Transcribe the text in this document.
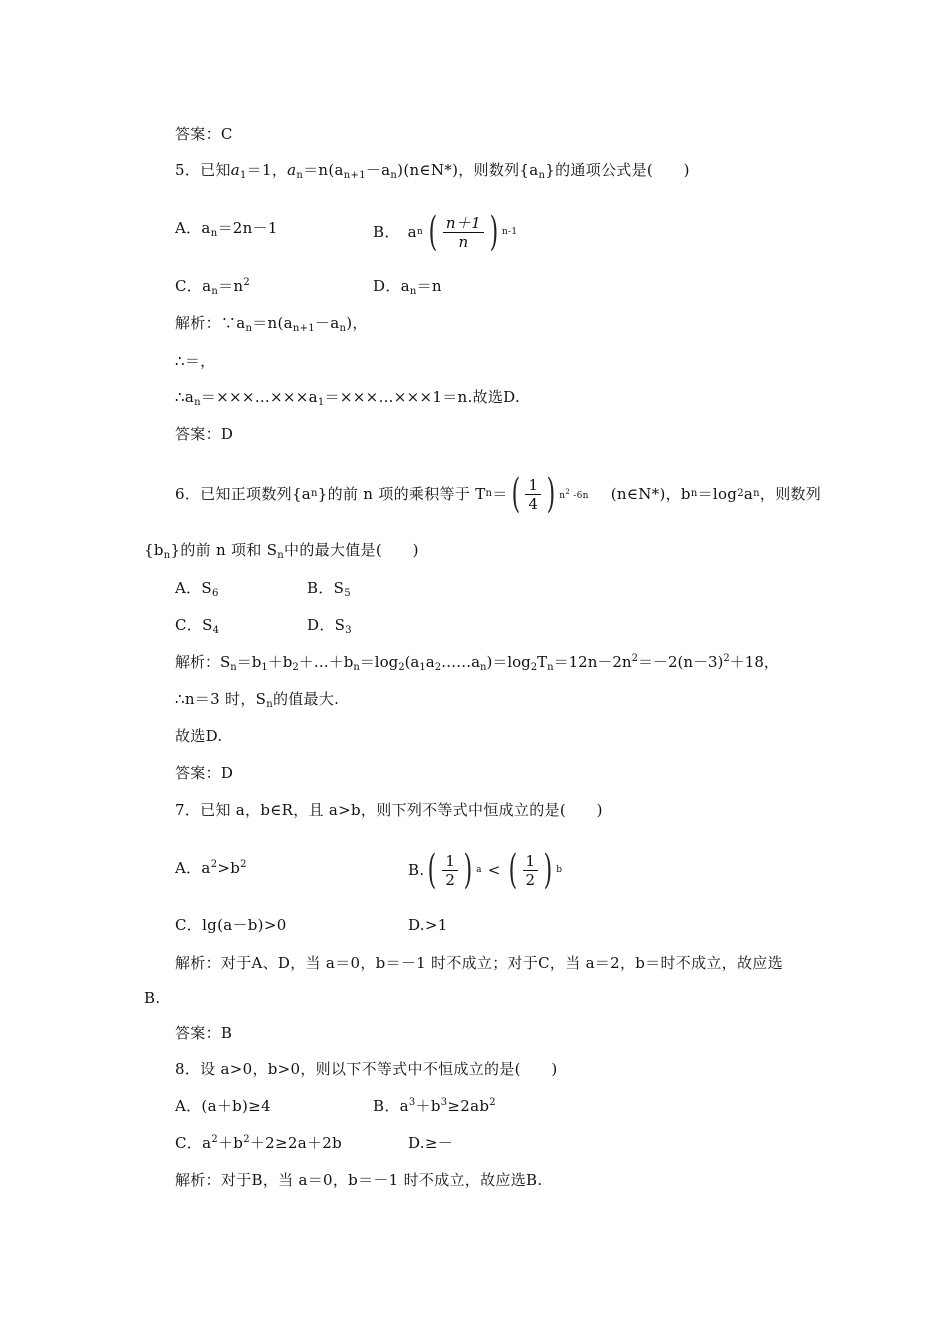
答案：C
5．已知$a_1=1$，$a_n=n(a_{n+1}-a_n)(n\in N*)$，则数列$\{a_n\}$的通项公式是(　　)
A．$a_n=2n-1$	B． a n ( $\frac{n+1}{n}$ ) n-1
C．$a_n=n^2$	D．$a_n=n$
解析：$\because a_n=n(a_{n+1}-a_n)$，
∴＝，
$\therefore a_n=\times\times\times\dots\times\times\times a_1=\times\times\times\dots\times\times\times 1=n$.故选D.
答案：D
6．已知正项数列{a n }的前 n 项的乘积等于 T n ＝ ( $\frac{1}{4}$ ) $n^2$ -6n (n∈N*)，b n ＝log 2 a n ，则数列
$\{b_n\}$的前 n 项和 $S_n$中的最大值是(　　)
A．$S_6$	B．$S_5$
C．$S_4$	D．$S_3$
解析：$S_n=b_1+b_2+\dots+b_n=\log_2(a_1a_2\dots\dots a_n)=\log_2T_n=12n-2n^2=-2(n-3)^2+18$，
∴n＝3 时，$S_n$的值最大.
故选D.
答案：D
7．已知 a，b∈R，且 a>b，则下列不等式中恒成立的是(　　)
A．$a^2>b^2$	B. ( $\frac{1}{2}$ ) a < ( $\frac{1}{2}$ ) b
C．lg(a－b)>0	D.>1
解析：对于A、D，当 a＝0，b＝－1 时不成立；对于C，当 a＝2，b＝时不成立，故应选
B.
答案：B
8．设 a>0，b>0，则以下不等式中不恒成立的是(　　)
A．(a＋b)≥4	B．$a^3+b^3\ge 2ab^2$
C．$a^2+b^2+2\ge 2a+2b$	D.≥－
解析：对于B，当 a＝0，b＝－1 时不成立，故应选B.
